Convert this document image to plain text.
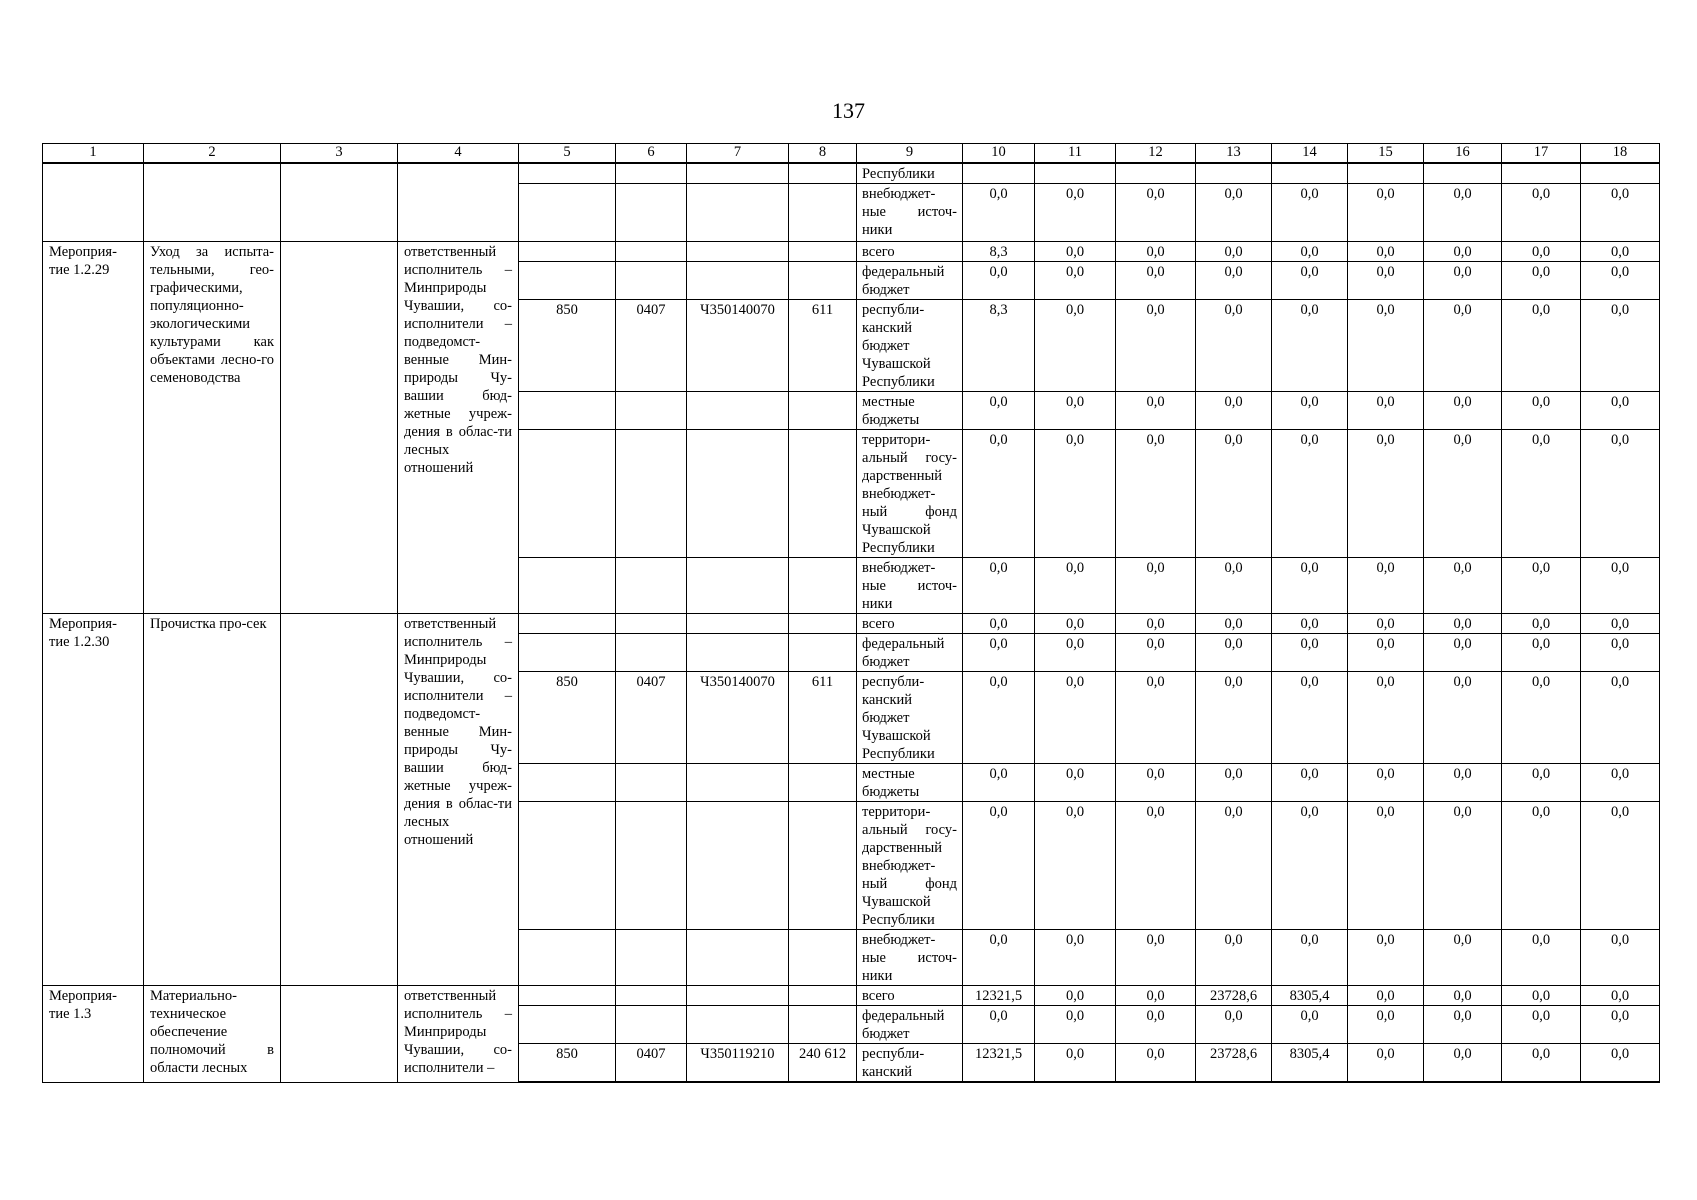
137
1	2	3	4	5	6	7	8	9	10	11	12	13	14	15	16	17	18
								Республики									
								внебюджет-ные источ-ники	0,0	0,0	0,0	0,0	0,0	0,0	0,0	0,0	0,0
Мероприя-тие 1.2.29	Уход за испыта-тельными, гео-графическими, популяционно-экологическими культурами как объектами лесно-го семеноводства		ответственный исполнитель – Минприроды Чувашии, со-исполнители – подведомст-венные Мин-природы Чу-вашии бюд-жетные учреж-дения в облас-ти лесных отношений					всего	8,3	0,0	0,0	0,0	0,0	0,0	0,0	0,0	0,0
								федеральный бюджет	0,0	0,0	0,0	0,0	0,0	0,0	0,0	0,0	0,0
				850	0407	Ч350140070	611	республи-канский бюджет Чувашской Республики	8,3	0,0	0,0	0,0	0,0	0,0	0,0	0,0	0,0
								местные бюджеты	0,0	0,0	0,0	0,0	0,0	0,0	0,0	0,0	0,0
								территори-альный госу-дарственный внебюджет-ный фонд Чувашской Республики	0,0	0,0	0,0	0,0	0,0	0,0	0,0	0,0	0,0
								внебюджет-ные источ-ники	0,0	0,0	0,0	0,0	0,0	0,0	0,0	0,0	0,0
Мероприя-тие 1.2.30	Прочистка про-сек		ответственный исполнитель – Минприроды Чувашии, со-исполнители – подведомст-венные Мин-природы Чу-вашии бюд-жетные учреж-дения в облас-ти лесных отношений					всего	0,0	0,0	0,0	0,0	0,0	0,0	0,0	0,0	0,0
								федеральный бюджет	0,0	0,0	0,0	0,0	0,0	0,0	0,0	0,0	0,0
				850	0407	Ч350140070	611	республи-канский бюджет Чувашской Республики	0,0	0,0	0,0	0,0	0,0	0,0	0,0	0,0	0,0
								местные бюджеты	0,0	0,0	0,0	0,0	0,0	0,0	0,0	0,0	0,0
								территори-альный госу-дарственный внебюджет-ный фонд Чувашской Республики	0,0	0,0	0,0	0,0	0,0	0,0	0,0	0,0	0,0
								внебюджет-ные источ-ники	0,0	0,0	0,0	0,0	0,0	0,0	0,0	0,0	0,0
Мероприя-тие 1.3	Материально-техническое обеспечение полномочий в области лесных		ответственный исполнитель – Минприроды Чувашии, со-исполнители –					всего	12321,5	0,0	0,0	23728,6	8305,4	0,0	0,0	0,0	0,0
								федеральный бюджет	0,0	0,0	0,0	0,0	0,0	0,0	0,0	0,0	0,0
				850	0407	Ч350119210	240 612	республи-канский	12321,5	0,0	0,0	23728,6	8305,4	0,0	0,0	0,0	0,0
